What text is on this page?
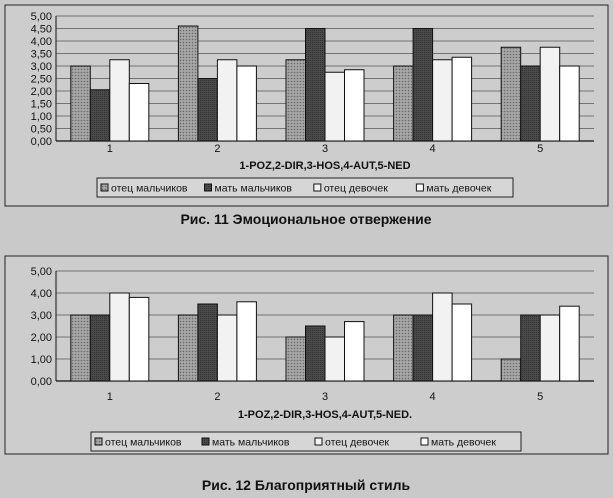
0,00
0,50
1,00
1,50
2,00
2,50
3,00
3,50
4,00
4,50
5,00
1	2	3	4	5
1-POZ,2-DIR,3-HOS,4-AUT,5-NED
отец мальчиков	мать мальчиков	отец девочек	мать девочек
Рис. 11 Эмоциональное отвержение
0,00
1,00
2,00
3,00
4,00
5,00
1	2	3	4	5
1-POZ,2-DIR,3-HOS,4-AUT,5-NED.
отец мальчиков	мать мальчиков	отец девочек	мать девочек
Рис. 12 Благоприятный стиль
